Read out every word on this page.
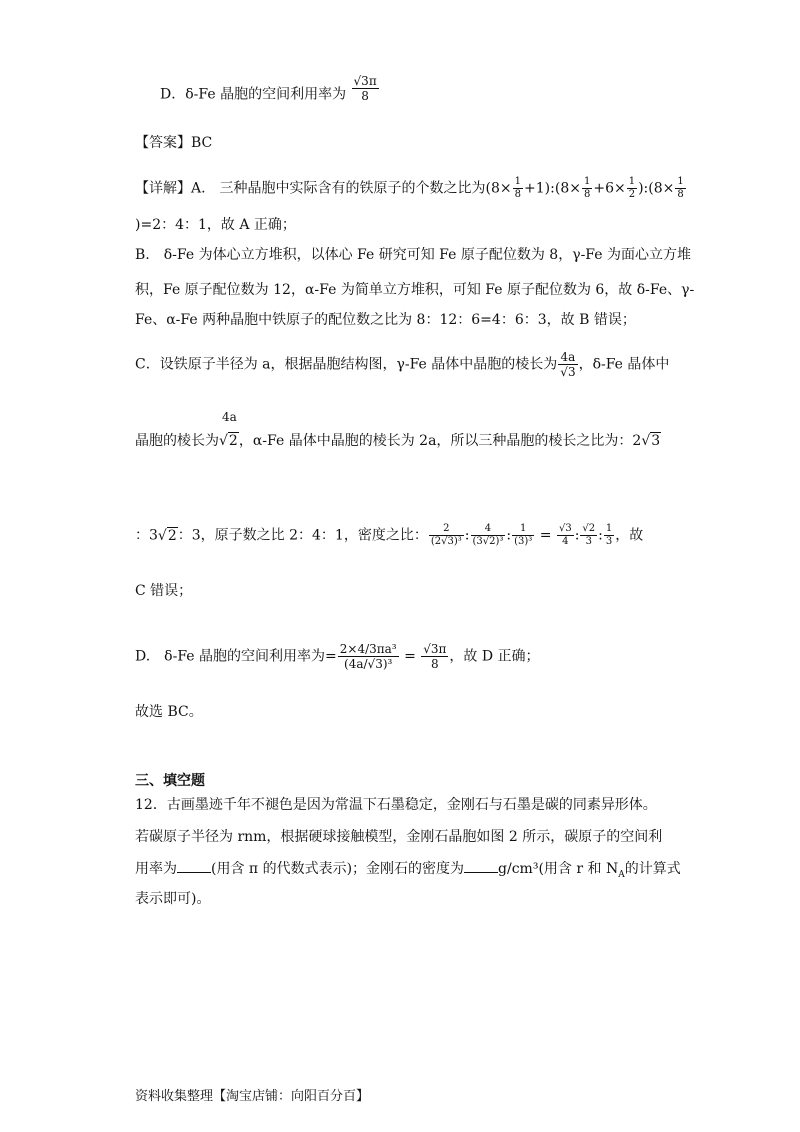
D．δ-Fe 晶胞的空间利用率为 $\frac{√3\pi}{8}$
【答案】BC
【详解】A.　三种晶胞中实际含有的铁原子的个数之比为($8\times \frac{1}{8}$ +1):(8× $\frac{1}{8} +6\times \frac{1}{2}$ ):(8× $\frac{1}{8}$
)=2：4：1，故 A 正确；
B.　δ-Fe 为体心立方堆积，以体心 Fe 研究可知 Fe 原子配位数为 8，γ-Fe 为面心立方堆
积，Fe 原子配位数为 12，α-Fe 为简单立方堆积，可知 Fe 原子配位数为 6，故 δ-Fe、γ-
Fe、α-Fe 两种晶胞中铁原子的配位数之比为 8：12：6=4：6：3，故 B 错误；
C．设铁原子半径为 a，根据晶胞结构图，γ-Fe 晶体中晶胞的棱长为 $\frac{4a}{√3}$ ，δ-Fe 晶体中
4a
晶胞的棱长为√2，α-Fe 晶体中晶胞的棱长为 2a，所以三种晶胞的棱长之比为：2√3
：3√2：3，原子数之比 2：4：1，密度之比： $\frac{2}{\text{(2√3)³}}$ : $\frac{4}{\text{(3√2)³}}$ : $\frac{1}{\text{(3)³}} = \frac{√3}{4}$ : $\frac{√2}{3}$ : $\frac{1}{3}$ ，故
C 错误；
D.　δ-Fe 晶胞的空间利用率为= $\frac{\text{2×4/3πa³}}{\text{(4a/√3)³}} = \frac{√3\pi}{8}$ ，故 D 正确；
故选 BC。
三、填空题
12．古画墨迹千年不褪色是因为常温下石墨稳定，金刚石与石墨是碳的同素异形体。
若碳原子半径为 rnm，根据硬球接触模型，金刚石晶胞如图 2 所示，碳原子的空间利
用率为 (用含 π 的代数式表示)；金刚石的密度为 g/cm³(用含 r 和 $N_A$的计算式
表示即可)。
资料收集整理【淘宝店铺：向阳百分百】
